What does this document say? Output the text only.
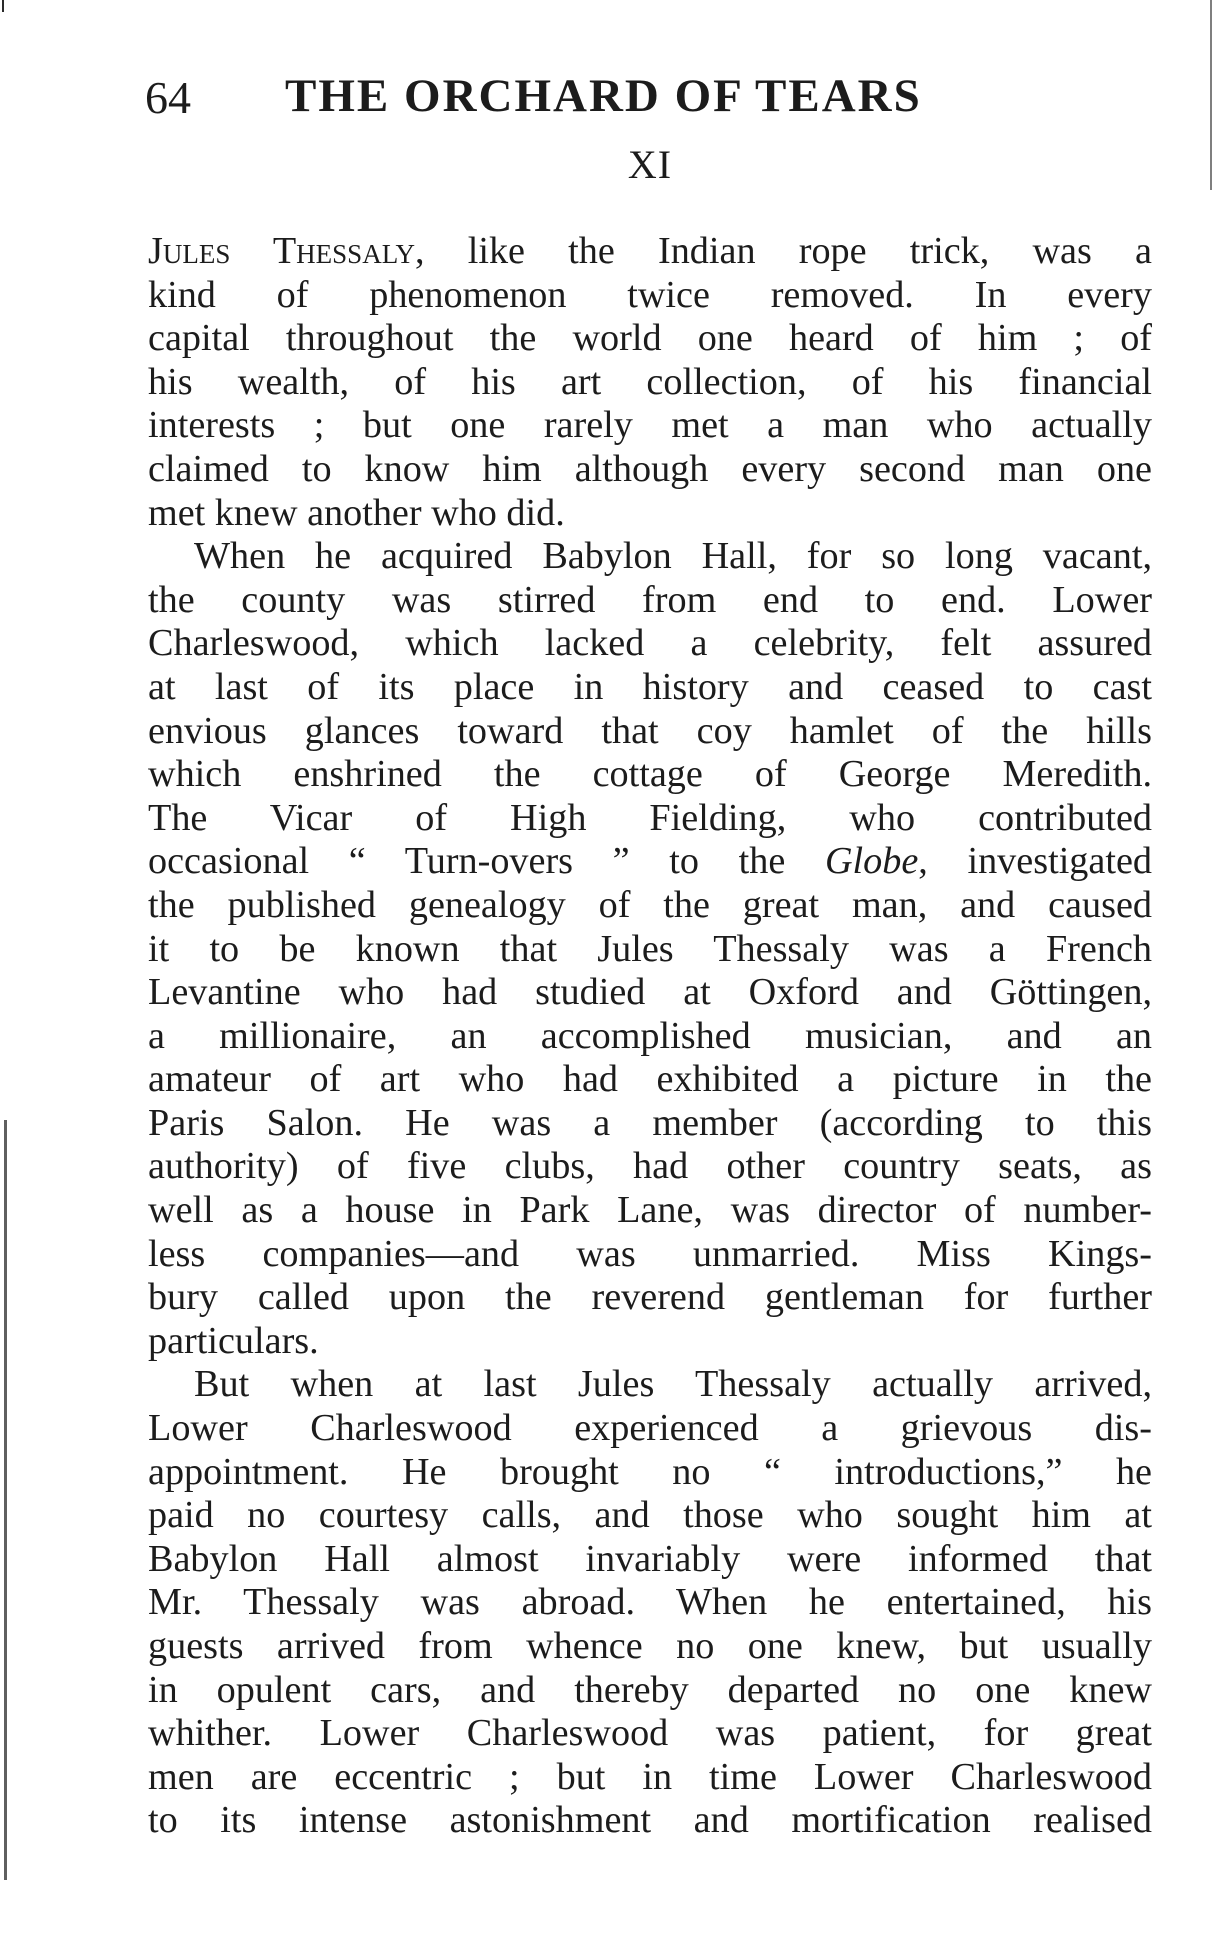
64 THE ORCHARD OF TEARS
XI
Jules Thessaly, like the Indian rope trick, was a
kind of phenomenon twice removed. In every
capital throughout the world one heard of him ; of
his wealth, of his art collection, of his financial
interests ; but one rarely met a man who actually
claimed to know him although every second man one
met knew another who did.
When he acquired Babylon Hall, for so long vacant,
the county was stirred from end to end. Lower
Charleswood, which lacked a celebrity, felt assured
at last of its place in history and ceased to cast
envious glances toward that coy hamlet of the hills
which enshrined the cottage of George Meredith.
The Vicar of High Fielding, who contributed
occasional “ Turn-overs ” to the Globe, investigated
the published genealogy of the great man, and caused
it to be known that Jules Thessaly was a French
Levantine who had studied at Oxford and Göttingen,
a millionaire, an accomplished musician, and an
amateur of art who had exhibited a picture in the
Paris Salon. He was a member (according to this
authority) of five clubs, had other country seats, as
well as a house in Park Lane, was director of number-
less companies—and was unmarried. Miss Kings-
bury called upon the reverend gentleman for further
particulars.
But when at last Jules Thessaly actually arrived,
Lower Charleswood experienced a grievous dis-
appointment. He brought no “ introductions,” he
paid no courtesy calls, and those who sought him at
Babylon Hall almost invariably were informed that
Mr. Thessaly was abroad. When he entertained, his
guests arrived from whence no one knew, but usually
in opulent cars, and thereby departed no one knew
whither. Lower Charleswood was patient, for great
men are eccentric ; but in time Lower Charleswood
to its intense astonishment and mortification realised
